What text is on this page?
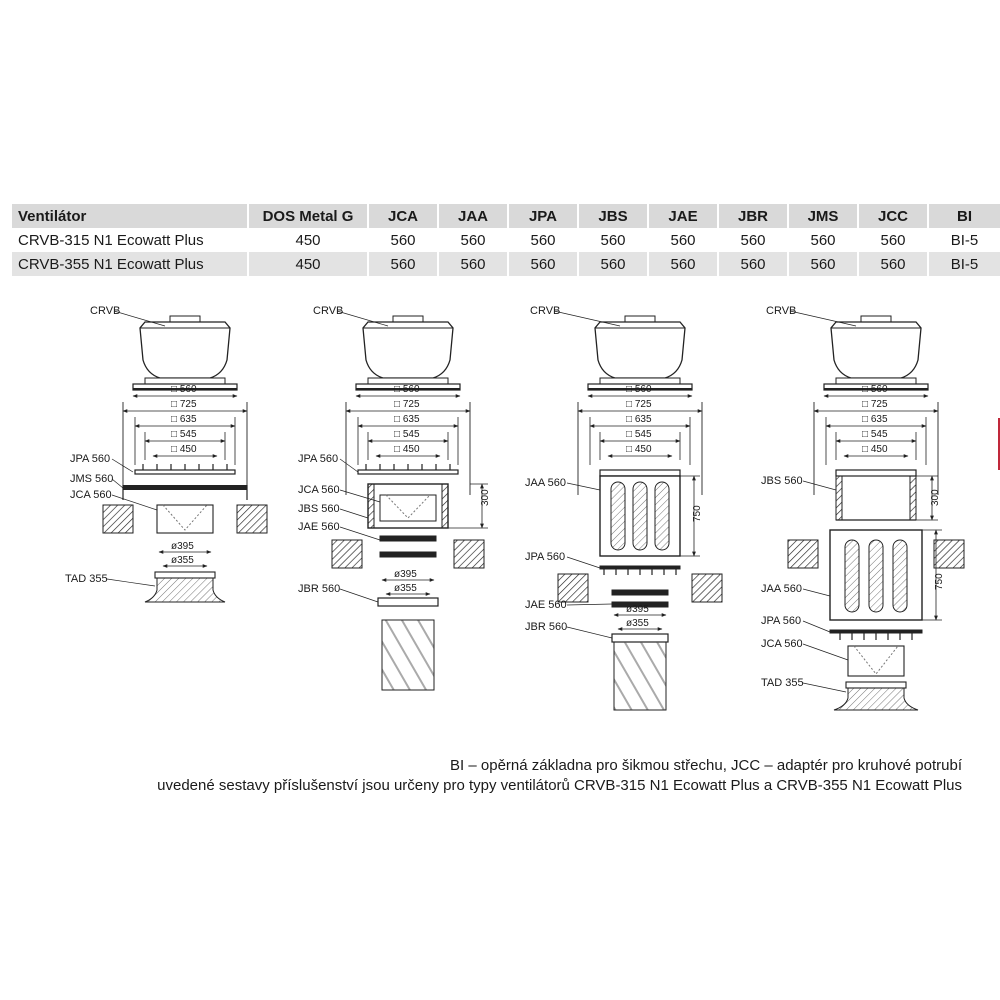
Ventilátor	DOS Metal G	JCA	JAA	JPA	JBS	JAE	JBR	JMS	JCC	BI
CRVB-315 N1 Ecowatt Plus	450	560	560	560	560	560	560	560	560	BI-5
CRVB-355 N1 Ecowatt Plus	450	560	560	560	560	560	560	560	560	BI-5
□ 560
□ 725
□ 635
□ 545
□ 450
ø395
ø355
CRVB
JPA 560
JMS 560
JCA 560
TAD 355
□ 560
□ 725
□ 635
□ 545
□ 450
300
ø395
ø355
CRVB
JPA 560
JCA 560
JBS 560
JAE 560
JBR 560
□ 560
□ 725
□ 635
□ 545
□ 450
750
ø395
ø355
CRVB
JAA 560
JPA 560
JAE 560
JBR 560
□ 560
□ 725
□ 635
□ 545
□ 450
300
750
CRVB
JBS 560
JAA 560
JPA 560
JCA 560
TAD 355
BI – opěrná základna pro šikmou střechu, JCC – adaptér pro kruhové potrubí
uvedené sestavy příslušenství jsou určeny pro typy ventilátorů CRVB-315 N1 Ecowatt Plus a CRVB-355 N1 Ecowatt Plus
